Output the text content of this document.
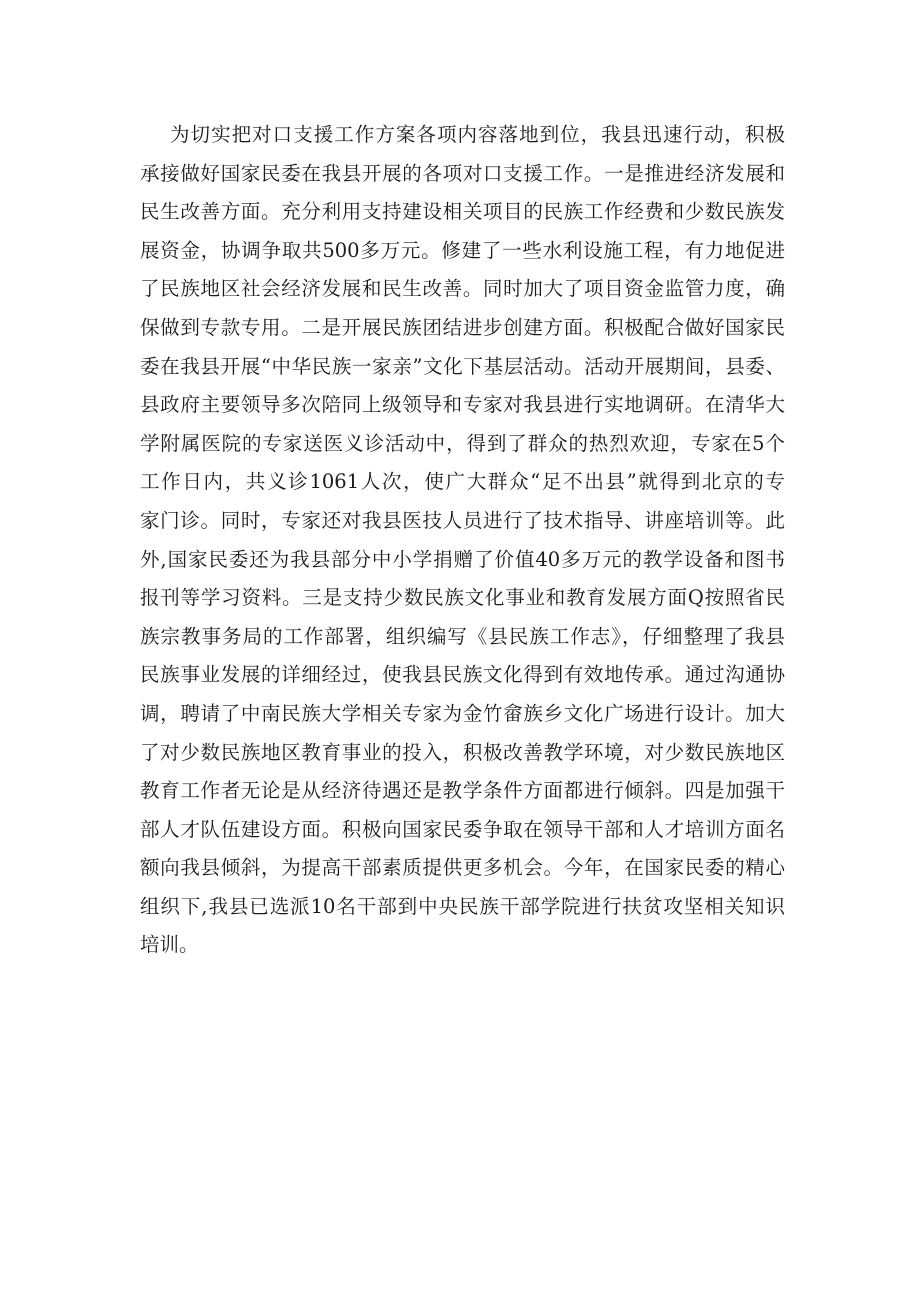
为切实把对口支援工作方案各项内容落地到位，我县迅速行动，积极
承接做好国家民委在我县开展的各项对口支援工作。一是推进经济发展和
民生改善方面。充分利用支持建设相关项目的民族工作经费和少数民族发
展资金，协调争取共500多万元。修建了一些水利设施工程，有力地促进
了民族地区社会经济发展和民生改善。同时加大了项目资金监管力度，确
保做到专款专用。二是开展民族团结进步创建方面。积极配合做好国家民
委在我县开展“中华民族一家亲”文化下基层活动。活动开展期间，县委、
县政府主要领导多次陪同上级领导和专家对我县进行实地调研。在清华大
学附属医院的专家送医义诊活动中，得到了群众的热烈欢迎，专家在5个
工作日内，共义诊1061人次，使广大群众“足不出县”就得到北京的专
家门诊。同时，专家还对我县医技人员进行了技术指导、讲座培训等。此
外,国家民委还为我县部分中小学捐赠了价值40多万元的教学设备和图书
报刊等学习资料。三是支持少数民族文化事业和教育发展方面Q按照省民
族宗教事务局的工作部署，组织编写《县民族工作志》，仔细整理了我县
民族事业发展的详细经过，使我县民族文化得到有效地传承。通过沟通协
调，聘请了中南民族大学相关专家为金竹畲族乡文化广场进行设计。加大
了对少数民族地区教育事业的投入，积极改善教学环境，对少数民族地区
教育工作者无论是从经济待遇还是教学条件方面都进行倾斜。四是加强干
部人才队伍建设方面。积极向国家民委争取在领导干部和人才培训方面名
额向我县倾斜，为提高干部素质提供更多机会。今年，在国家民委的精心
组织下,我县已选派10名干部到中央民族干部学院进行扶贫攻坚相关知识
培训。
